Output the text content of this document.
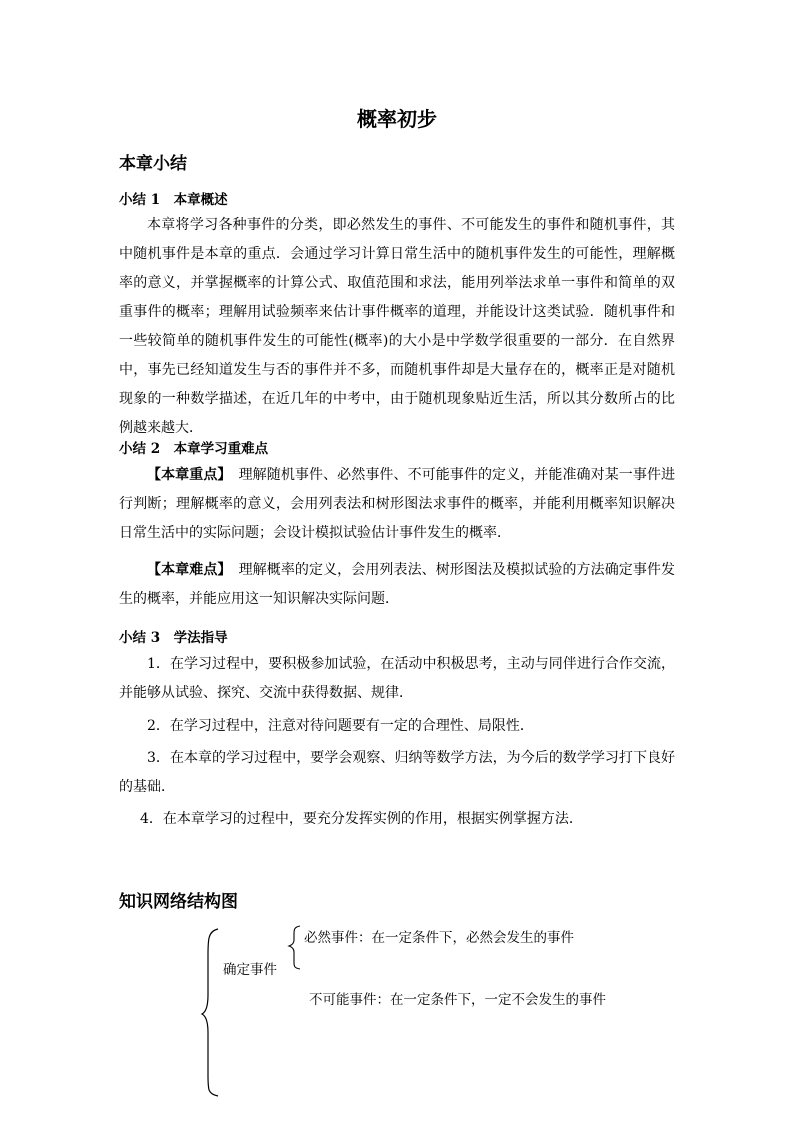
概率初步
本章小结
小结 1　本章概述

本章将学习各种事件的分类，即必然发生的事件、不可能发生的事件和随机事件，其中随机事件是本章的重点．会通过学习计算日常生活中的随机事件发生的可能性，理解概率的意义，并掌握概率的计算公式、取值范围和求法，能用列举法求单一事件和简单的双重事件的概率；理解用试验频率来估计事件概率的道理，并能设计这类试验．随机事件和一些较简单的随机事件发生的可能性(概率)的大小是中学数学很重要的一部分．在自然界中，事先已经知道发生与否的事件并不多，而随机事件却是大量存在的，概率正是对随机现象的一种数学描述，在近几年的中考中，由于随机现象贴近生活，所以其分数所占的比例越来越大．

小结 2　本章学习重难点

【本章重点】　 理解随机事件、必然事件、不可能事件的定义，并能准确对某一事件进行判断；理解概率的意义，会用列表法和树形图法求事件的概率，并能利用概率知识解决日常生活中的实际问题；会设计模拟试验估计事件发生的概率．

【本章难点】　 理解概率的定义，会用列表法、树形图法及模拟试验的方法确定事件发生的概率，并能应用这一知识解决实际问题．

小结 3　学法指导

1．在学习过程中，要积极参加试验，在活动中积极思考，主动与同伴进行合作交流，并能够从试验、探究、交流中获得数据、规律．

2．在学习过程中，注意对待问题要有一定的合理性、局限性．

3．在本章的学习过程中，要学会观察、归纳等数学方法，为今后的数学学习打下良好的基础．

4．在本章学习的过程中，要充分发挥实例的作用，根据实例掌握方法．

知识网络结构图
确定事件
必然事件：在一定条件下，必然会发生的事件
不可能事件：在一定条件下，一定不会发生的事件
